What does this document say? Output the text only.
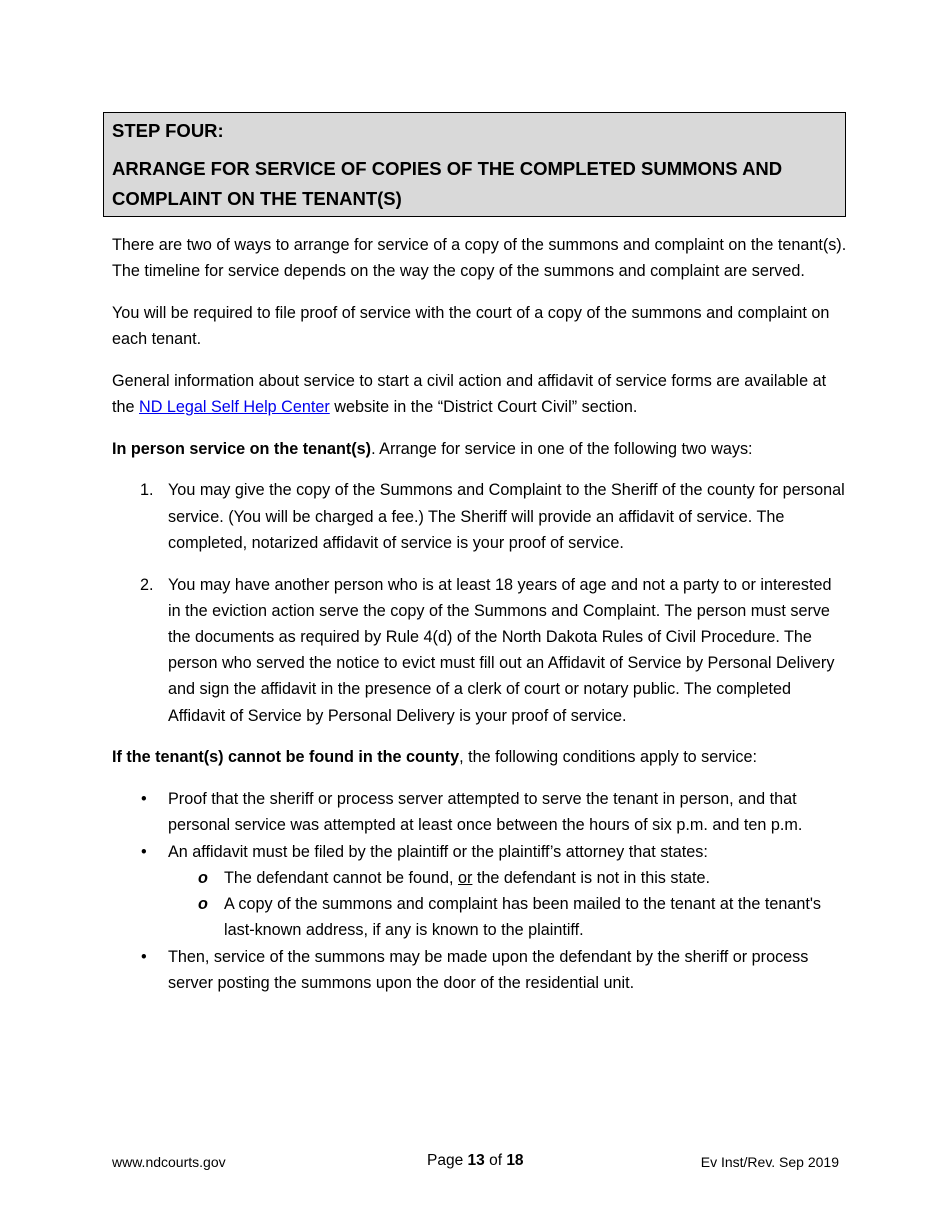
STEP FOUR:
ARRANGE FOR SERVICE OF COPIES OF THE COMPLETED SUMMONS AND
COMPLAINT ON THE TENANT(S)

There are two of ways to arrange for service of a copy of the summons and complaint on the tenant(s). The timeline for service depends on the way the copy of the summons and complaint are served.

You will be required to file proof of service with the court of a copy of the summons and complaint on each tenant.

General information about service to start a civil action and affidavit of service forms are available at the ND Legal Self Help Center website in the “District Court Civil” section.

In person service on the tenant(s). Arrange for service in one of the following two ways:

1. You may give the copy of the Summons and Complaint to the Sheriff of the county for personal service. (You will be charged a fee.) The Sheriff will provide an affidavit of service. The completed, notarized affidavit of service is your proof of service.
2. You may have another person who is at least 18 years of age and not a party to or interested in the eviction action serve the copy of the Summons and Complaint. The person must serve the documents as required by Rule 4(d) of the North Dakota Rules of Civil Procedure. The person who served the notice to evict must fill out an Affidavit of Service by Personal Delivery and sign the affidavit in the presence of a clerk of court or notary public. The completed Affidavit of Service by Personal Delivery is your proof of service.

If the tenant(s) cannot be found in the county, the following conditions apply to service:

• Proof that the sheriff or process server attempted to serve the tenant in person, and that personal service was attempted at least once between the hours of six p.m. and ten p.m.
• An affidavit must be filed by the plaintiff or the plaintiff’s attorney that states:
o The defendant cannot be found, or the defendant is not in this state.
o A copy of the summons and complaint has been mailed to the tenant at the tenant's last-known address, if any is known to the plaintiff.
• Then, service of the summons may be made upon the defendant by the sheriff or process server posting the summons upon the door of the residential unit.
www.ndcourts.gov	Page 13 of 18	Ev Inst/Rev. Sep 2019
